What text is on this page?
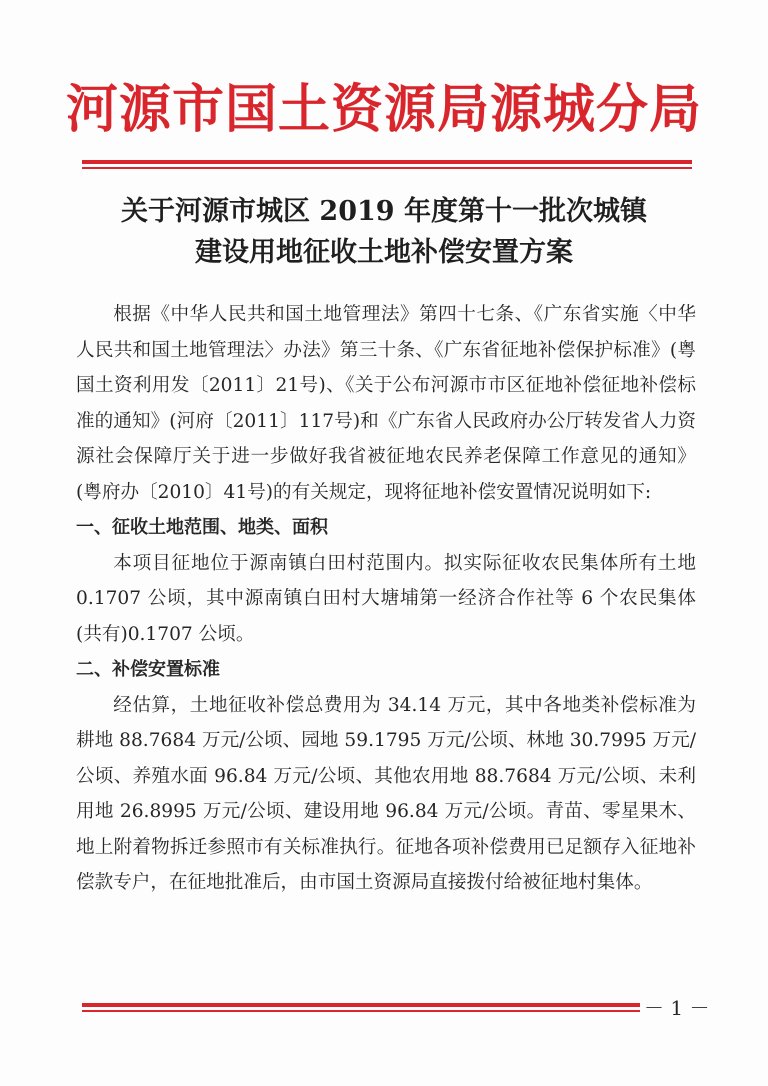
河源市国土资源局源城分局
关于河源市城区 2019 年度第十一批次城镇
建设用地征收土地补偿安置方案

根据《中华人民共和国土地管理法》第四十七条、《广东省实施〈中华人民共和国土地管理法〉办法》第三十条、《广东省征地补偿保护标准》(粤国土资利用发〔2011〕21号)、《关于公布河源市市区征地补偿征地补偿标准的通知》(河府〔2011〕117号)和《广东省人民政府办公厅转发省人力资源社会保障厅关于进一步做好我省被征地农民养老保障工作意见的通知》(粤府办〔2010〕41号)的有关规定，现将征地补偿安置情况说明如下:

一、征收土地范围、地类、面积

本项目征地位于源南镇白田村范围内。拟实际征收农民集体所有土地 0.1707 公顷，其中源南镇白田村大塘埔第一经济合作社等 6 个农民集体(共有)0.1707 公顷。

二、补偿安置标准

经估算，土地征收补偿总费用为 34.14 万元，其中各地类补偿标准为耕地 88.7684 万元/公顷、园地 59.1795 万元/公顷、林地 30.7995 万元/公顷、养殖水面 96.84 万元/公顷、其他农用地 88.7684 万元/公顷、未利用地 26.8995 万元/公顷、建设用地 96.84 万元/公顷。青苗、零星果木、地上附着物拆迁参照市有关标准执行。征地各项补偿费用已足额存入征地补偿款专户，在征地批准后，由市国土资源局直接拨付给被征地村集体。

－ 1 －
